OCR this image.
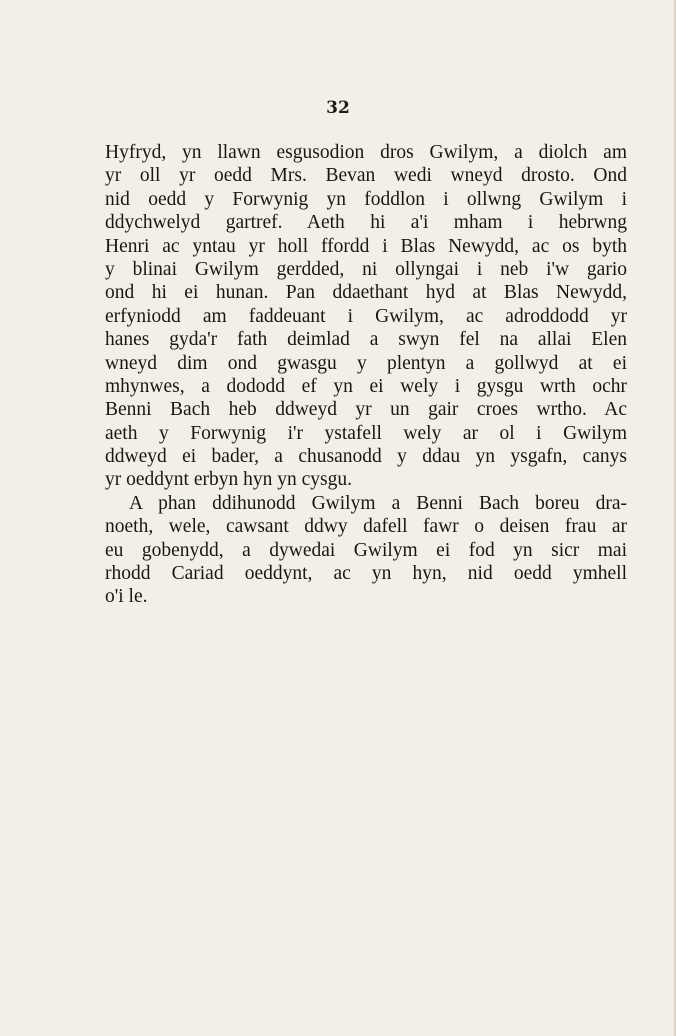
32
Hyfryd, yn llawn esgusodion dros Gwilym, a diolch am
yr oll yr oedd Mrs. Bevan wedi wneyd drosto. Ond
nid oedd y Forwynig yn foddlon i ollwng Gwilym i
ddychwelyd gartref. Aeth hi a'i mham i hebrwng
Henri ac yntau yr holl ffordd i Blas Newydd, ac os byth
y blinai Gwilym gerdded, ni ollyngai i neb i'w gario
ond hi ei hunan. Pan ddaethant hyd at Blas Newydd,
erfyniodd am faddeuant i Gwilym, ac adroddodd yr
hanes gyda'r fath deimlad a swyn fel na allai Elen
wneyd dim ond gwasgu y plentyn a gollwyd at ei
mhynwes, a dododd ef yn ei wely i gysgu wrth ochr
Benni Bach heb ddweyd yr un gair croes wrtho. Ac
aeth y Forwynig i'r ystafell wely ar ol i Gwilym
ddweyd ei bader, a chusanodd y ddau yn ysgafn, canys
yr oeddynt erbyn hyn yn cysgu.
A phan ddihunodd Gwilym a Benni Bach boreu dra-
noeth, wele, cawsant ddwy dafell fawr o deisen frau ar
eu gobenydd, a dywedai Gwilym ei fod yn sicr mai
rhodd Cariad oeddynt, ac yn hyn, nid oedd ymhell
o'i le.
